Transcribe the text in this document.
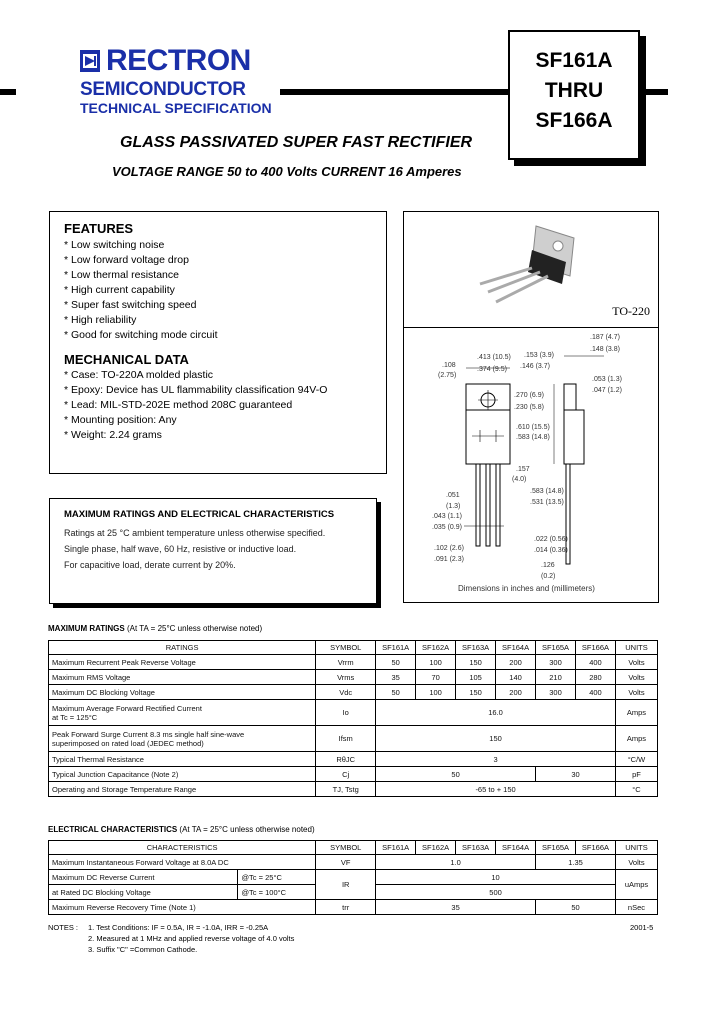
RECTRON
SEMICONDUCTOR
TECHNICAL SPECIFICATION
SF161A
THRU
SF166A
GLASS PASSIVATED SUPER FAST RECTIFIER
VOLTAGE RANGE 50 to 400 Volts CURRENT 16 Amperes
FEATURES
* Low switching noise
* Low forward voltage drop
* Low thermal resistance
* High current capability
* Super fast switching speed
* High reliability
* Good for switching mode circuit
MECHANICAL DATA
* Case: TO-220A molded plastic
* Epoxy: Device has UL flammability classification 94V-O
* Lead: MIL-STD-202E method 208C guaranteed
* Mounting position: Any
* Weight: 2.24 grams
TO-220
.413 (10.5)
.374 (9.5)
.108
(2.75)
.153 (3.9)
.146 (3.7)
.187 (4.7)
.148 (3.8)
.053 (1.3)
.047 (1.2)
.270 (6.9)
.230 (5.8)
.610 (15.5)
.583 (14.8)
.157
(4.0)
.583 (14.8)
.531 (13.5)
.051
(1.3)
.043 (1.1)
.035 (0.9)
.102 (2.6)
.091 (2.3)
.022 (0.56)
.014 (0.36)
.126
(0.2)
Dimensions in inches and (millimeters)
MAXIMUM RATINGS AND ELECTRICAL CHARACTERISTICS
Ratings at 25 °C ambient temperature unless otherwise specified.
Single phase, half wave, 60 Hz, resistive or inductive load.
For capacitive load, derate current by 20%.
MAXIMUM RATINGS (At TA = 25°C unless otherwise noted)
RATINGS	SYMBOL	SF161A	SF162A	SF163A	SF164A	SF165A	SF166A	UNITS
Maximum Recurrent Peak Reverse Voltage	Vrrm	50	100	150	200	300	400	Volts
Maximum RMS Voltage	Vrms	35	70	105	140	210	280	Volts
Maximum DC Blocking Voltage	Vdc	50	100	150	200	300	400	Volts

Maximum Average Forward Rectified Current
at Tc = 125°C	Io	16.0						Amps

Peak Forward Surge Current 8.3 ms single half sine-wave
superimposed on rated load (JEDEC method)	Ifsm	150						Amps
Typical Thermal Resistance	RθJC	3						°C/W
Typical Junction Capacitance (Note 2)	Cj	50				30		pF
Operating and Storage Temperature Range	TJ, Tstg	-65 to + 150						°C
ELECTRICAL CHARACTERISTICS (At TA = 25°C unless otherwise noted)
CHARACTERISTICS		SYMBOL	SF161A	SF162A	SF163A	SF164A	SF165A	SF166A	UNITS
Maximum Instantaneous Forward Voltage at 8.0A DC		VF	1.0				1.35		Volts
Maximum DC Reverse Current	@Tc = 25°C	IR	10						uAmps
at Rated DC Blocking Voltage	@Tc = 100°C		500						
Maximum Reverse Recovery Time (Note 1)		trr	35				50		nSec
NOTES : 1. Test Conditions: IF = 0.5A, IR = -1.0A, IRR = -0.25A
2. Measured at 1 MHz and applied reverse voltage of 4.0 volts
3. Suffix "C" =Common Cathode.
2001-5
